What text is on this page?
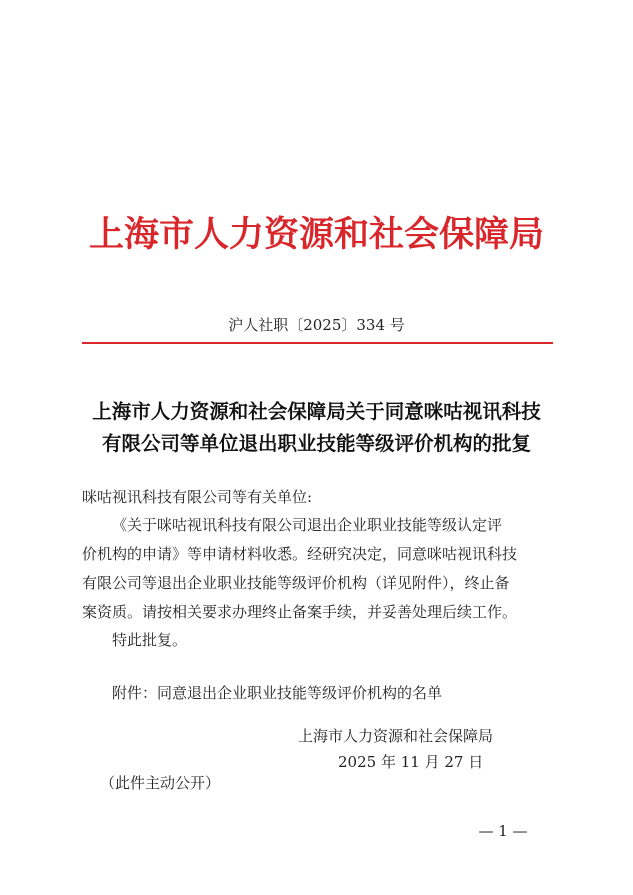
上海市人力资源和社会保障局
沪人社职〔2025〕334 号
上海市人力资源和社会保障局关于同意咪咕视讯科技
有限公司等单位退出职业技能等级评价机构的批复
咪咕视讯科技有限公司等有关单位:
《关于咪咕视讯科技有限公司退出企业职业技能等级认定评
价机构的申请》等申请材料收悉。经研究决定，同意咪咕视讯科技
有限公司等退出企业职业技能等级评价机构（详见附件），终止备
案资质。请按相关要求办理终止备案手续，并妥善处理后续工作。
特此批复。
附件：同意退出企业职业技能等级评价机构的名单
上海市人力资源和社会保障局
2025 年 11 月 27 日
（此件主动公开）
— 1 —
